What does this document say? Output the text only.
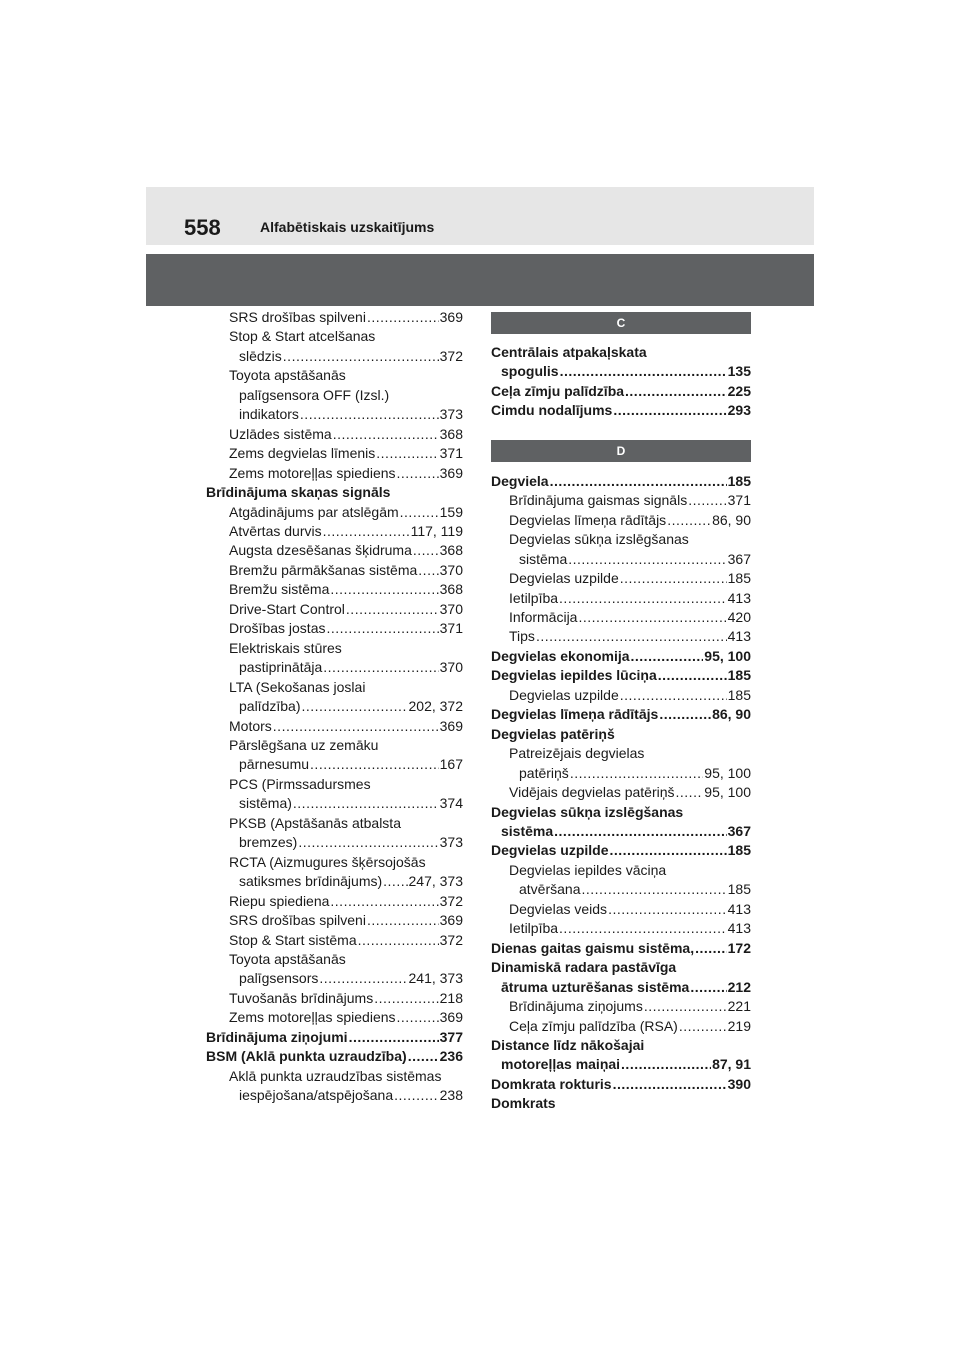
558	Alfabētiskais uzskaitījums
SRS drošības spilveni .....	369
Stop & Start atcelšanas
slēdzis .....	372
Toyota apstāšanās
palīgsensora OFF (Izsl.)
indikators .....	373
Uzlādes sistēma .....	368
Zems degvielas līmenis .....	371
Zems motoreļļas spiediens .....	369
Brīdinājuma skaņas signāls
Atgādinājums par atslēgām .....	159
Atvērtas durvis .....	117, 119
Augsta dzesēšanas šķidruma ..... 368
Bremžu pārmākšanas sistēma ..... 370
Bremžu sistēma .....	368
Drive-Start Control .....	370
Drošības jostas .....	371
Elektriskais stūres
pastiprinātāja .....	370
LTA (Sekošanas joslai
palīdzība) .....	202, 372
Motors .....	369
Pārslēgšana uz zemāku
pārnesumu .....	167
PCS (Pirmssadursmes
sistēma) .....	374
PKSB (Apstāšanās atbalsta
bremzes) .....	373
RCTA (Aizmugures šķērsojošās
satiksmes brīdinājums) ..... 247, 373
Riepu spiediena .....	372
SRS drošības spilveni .....	369
Stop & Start sistēma .....	372
Toyota apstāšanās
palīgsensors .....	241, 373
Tuvošanās brīdinājums .....	218
Zems motoreļļas spiediens .....	369
Brīdinājuma ziņojumi .....	377
BSM (Aklā punkta uzraudzība) ..... 236
Aklā punkta uzraudzības sistēmas
iespējošana/atspējošana .....	238
C
Centrālais atpakaļskata
spogulis .....	135
Ceļa zīmju palīdzība .....	225
Cimdu nodalījums .....	293
D
Degviela .....	185
Brīdinājuma gaismas signāls .....	371
Degvielas līmeņa rādītājs .....	86, 90
Degvielas sūkņa izslēgšanas
sistēma .....	367
Degvielas uzpilde .....	185
Ietilpība .....	413
Informācija .....	420
Tips .....	413
Degvielas ekonomija .....	95, 100
Degvielas iepildes lūciņa .....	185
Degvielas uzpilde .....	185
Degvielas līmeņa rādītājs .....	86, 90
Degvielas patēriņš
Patreizējais degvielas
patēriņš .....	95, 100
Vidējais degvielas patēriņš ..... 95, 100
Degvielas sūkņa izslēgšanas
sistēma .....	367
Degvielas uzpilde .....	185
Degvielas iepildes vāciņa
atvēršana .....	185
Degvielas veids .....	413
Ietilpība .....	413
Dienas gaitas gaismu sistēma, ..... 172
Dinamiskā radara pastāvīga
ātruma uzturēšanas sistēma .....	212
Brīdinājuma ziņojums .....	221
Ceļa zīmju palīdzība (RSA) .....	219
Distance līdz nākošajai
motoreļļas maiņai .....	87, 91
Domkrata rokturis .....	390
Domkrats
